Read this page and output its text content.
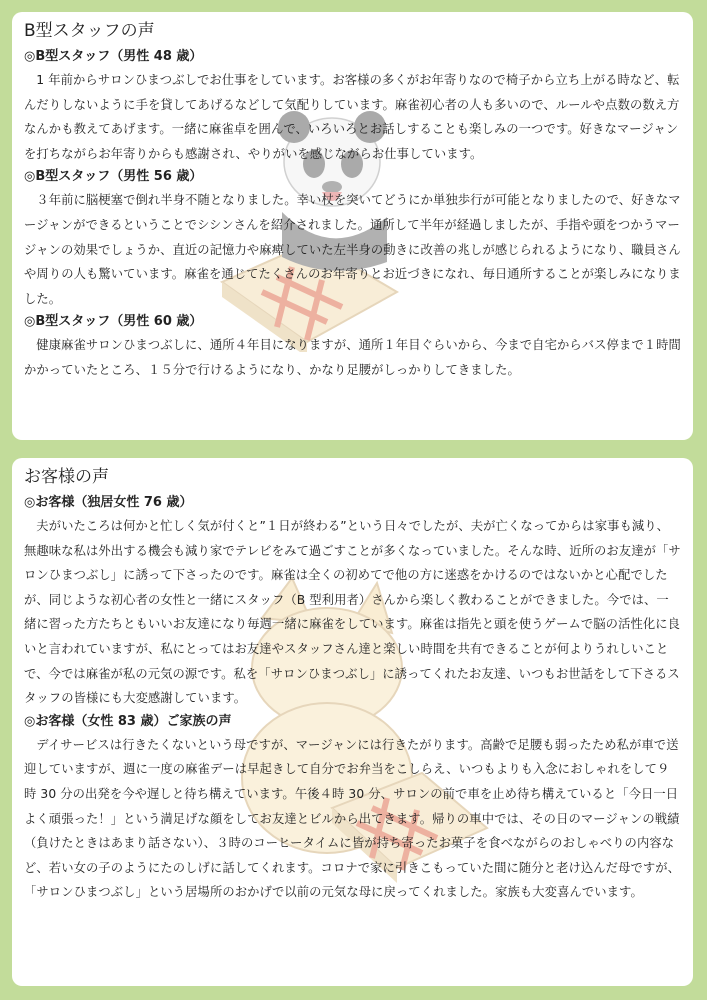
B型スタッフの声
◎B型スタッフ（男性 48 歳）

1 年前からサロンひまつぶしでお仕事をしています。お客様の多くがお年寄りなので椅子から立ち上がる時など、転んだりしないように手を貸してあげるなどして気配りしています。麻雀初心者の人も多いので、ルールや点数の数え方なんかも教えてあげます。一緒に麻雀卓を囲んで、いろいろとお話しすることも楽しみの一つです。好きなマージャンを打ちながらお年寄りからも感謝され、やりがいを感じながらお仕事しています。

◎B型スタッフ（男性 56 歳）

３年前に脳梗塞で倒れ半身不随となりました。幸い杖を突いてどうにか単独歩行が可能となりましたので、好きなマージャンができるということでシシンさんを紹介されました。通所して半年が経過しましたが、手指や頭をつかうマージャンの効果でしょうか、直近の記憶力や麻痺していた左半身の動きに改善の兆しが感じられるようになり、職員さんや周りの人も驚いています。麻雀を通じてたくさんのお年寄りとお近づきになれ、毎日通所することが楽しみになりました。

◎B型スタッフ（男性 60 歳）

健康麻雀サロンひまつぶしに、通所４年目になりますが、通所１年目ぐらいから、今まで自宅からバス停まで１時間かかっていたところ、１５分で行けるようになり、かなり足腰がしっかりしてきました。

お客様の声
◎お客様（独居女性 76 歳）

夫がいたころは何かと忙しく気が付くと”１日が終わる”という日々でしたが、夫が亡くなってからは家事も減り、無趣味な私は外出する機会も減り家でテレビをみて過ごすことが多くなっていました。そんな時、近所のお友達が「サロンひまつぶし」に誘って下さったのです。麻雀は全くの初めてで他の方に迷惑をかけるのではないかと心配でしたが、同じような初心者の女性と一緒にスタッフ（B 型利用者）さんから楽しく教わることができました。今では、一緒に習った方たちともいいお友達になり毎週一緒に麻雀をしています。麻雀は指先と頭を使うゲームで脳の活性化に良いと言われていますが、私にとってはお友達やスタッフさん達と楽しい時間を共有できることが何よりうれしいことで、今では麻雀が私の元気の源です。私を「サロンひまつぶし」に誘ってくれたお友達、いつもお世話をして下さるスタッフの皆様にも大変感謝しています。

◎お客様（女性 83 歳）ご家族の声

デイサービスは行きたくないという母ですが、マージャンには行きたがります。高齢で足腰も弱ったため私が車で送迎していますが、週に一度の麻雀デーは早起きして自分でお弁当をこしらえ、いつもよりも入念におしゃれをして９時 30 分の出発を今や遅しと待ち構えています。午後４時 30 分、サロンの前で車を止め待ち構えていると「今日一日よく頑張った！」という満足げな顔をしてお友達とビルから出てきます。帰りの車中では、その日のマージャンの戦績（負けたときはあまり話さない）、３時のコーヒータイムに皆が持ち寄ったお菓子を食べながらのおしゃべりの内容など、若い女の子のようにたのしげに話してくれます。コロナで家に引きこもっていた間に随分と老け込んだ母ですが、「サロンひまつぶし」という居場所のおかげで以前の元気な母に戻ってくれました。家族も大変喜んでいます。
